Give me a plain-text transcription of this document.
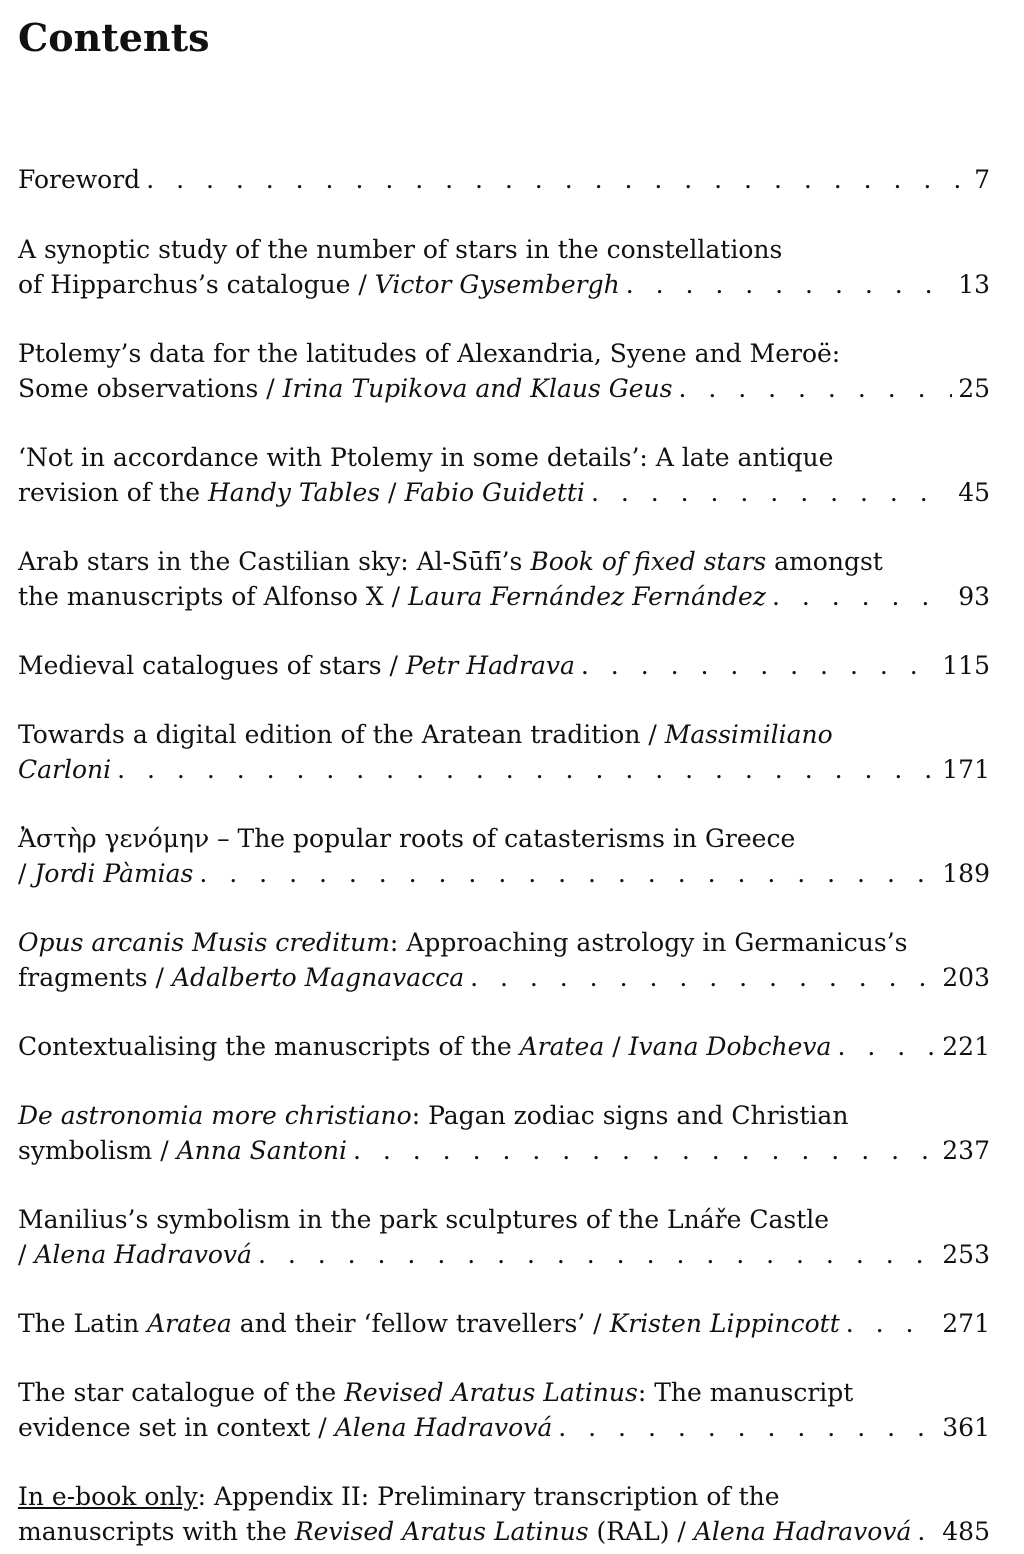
Contents
Foreword . . .	7
A synoptic study of the number of stars in the constellations
of Hipparchus’s catalogue / Victor Gysembergh . . .	13
Ptolemy’s data for the latitudes of Alexandria, Syene and Meroë:
Some observations / Irina Tupikova and Klaus Geus . . .	25
‘Not in accordance with Ptolemy in some details’: A late antique
revision of the Handy Tables / Fabio Guidetti . . .	45
Arab stars in the Castilian sky: Al-Sūfī’s Book of fixed stars amongst
the manuscripts of Alfonso X / Laura Fernández Fernández . . .	93
Medieval catalogues of stars / Petr Hadrava . . .	115
Towards a digital edition of the Aratean tradition / Massimiliano
Carloni . . .	171
Ἀστὴρ γενόμην – The popular roots of catasterisms in Greece
/ Jordi Pàmias . . .	189
Opus arcanis Musis creditum: Approaching astrology in Germanicus’s
fragments / Adalberto Magnavacca . . .	203
Contextualising the manuscripts of the Aratea / Ivana Dobcheva . . .	221
De astronomia more christiano: Pagan zodiac signs and Christian
symbolism / Anna Santoni . . .	237
Manilius’s symbolism in the park sculptures of the Lnáře Castle
/ Alena Hadravová . . .	253
The Latin Aratea and their ‘fellow travellers’ / Kristen Lippincott . . .	271
The star catalogue of the Revised Aratus Latinus: The manuscript
evidence set in context / Alena Hadravová . . .	361
In e-book only: Appendix II: Preliminary transcription of the
manuscripts with the Revised Aratus Latinus (RAL) / Alena Hadravová . . . 485
